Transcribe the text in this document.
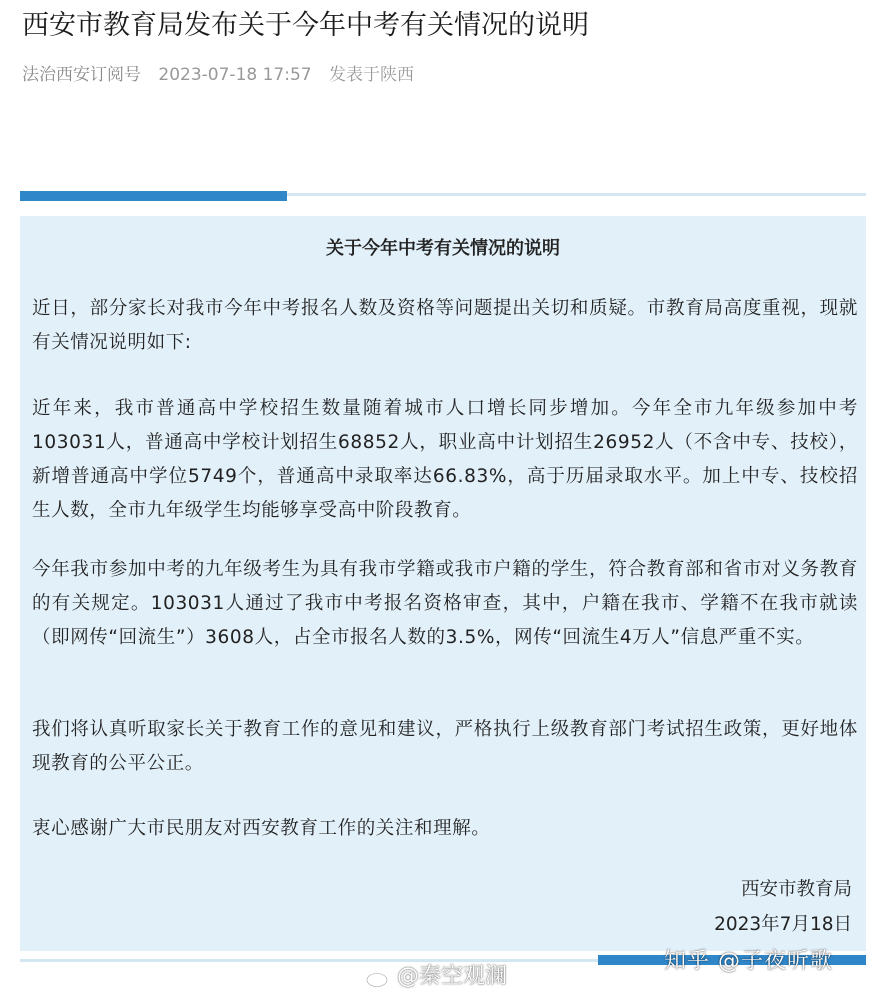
西安市教育局发布关于今年中考有关情况的说明
法治西安订阅号 2023-07-18 17:57 发表于陕西
关于今年中考有关情况的说明

近日，部分家长对我市今年中考报名人数及资格等问题提出关切和质疑。市教育局高度重视，现就有关情况说明如下:

近年来，我市普通高中学校招生数量随着城市人口增长同步增加。今年全市九年级参加中考103031人，普通高中学校计划招生68852人，职业高中计划招生26952人（不含中专、技校），新增普通高中学位5749个，普通高中录取率达66.83%，高于历届录取水平。加上中专、技校招生人数，全市九年级学生均能够享受高中阶段教育。

今年我市参加中考的九年级考生为具有我市学籍或我市户籍的学生，符合教育部和省市对义务教育的有关规定。103031人通过了我市中考报名资格审查，其中，户籍在我市、学籍不在我市就读（即网传“回流生”）3608人，占全市报名人数的3.5%，网传“回流生4万人”信息严重不实。

我们将认真听取家长关于教育工作的意见和建议，严格执行上级教育部门考试招生政策，更好地体现教育的公平公正。

衷心感谢广大市民朋友对西安教育工作的关注和理解。

西安市教育局
2023年7月18日
@秦空观澜
知乎 @子夜听歌
